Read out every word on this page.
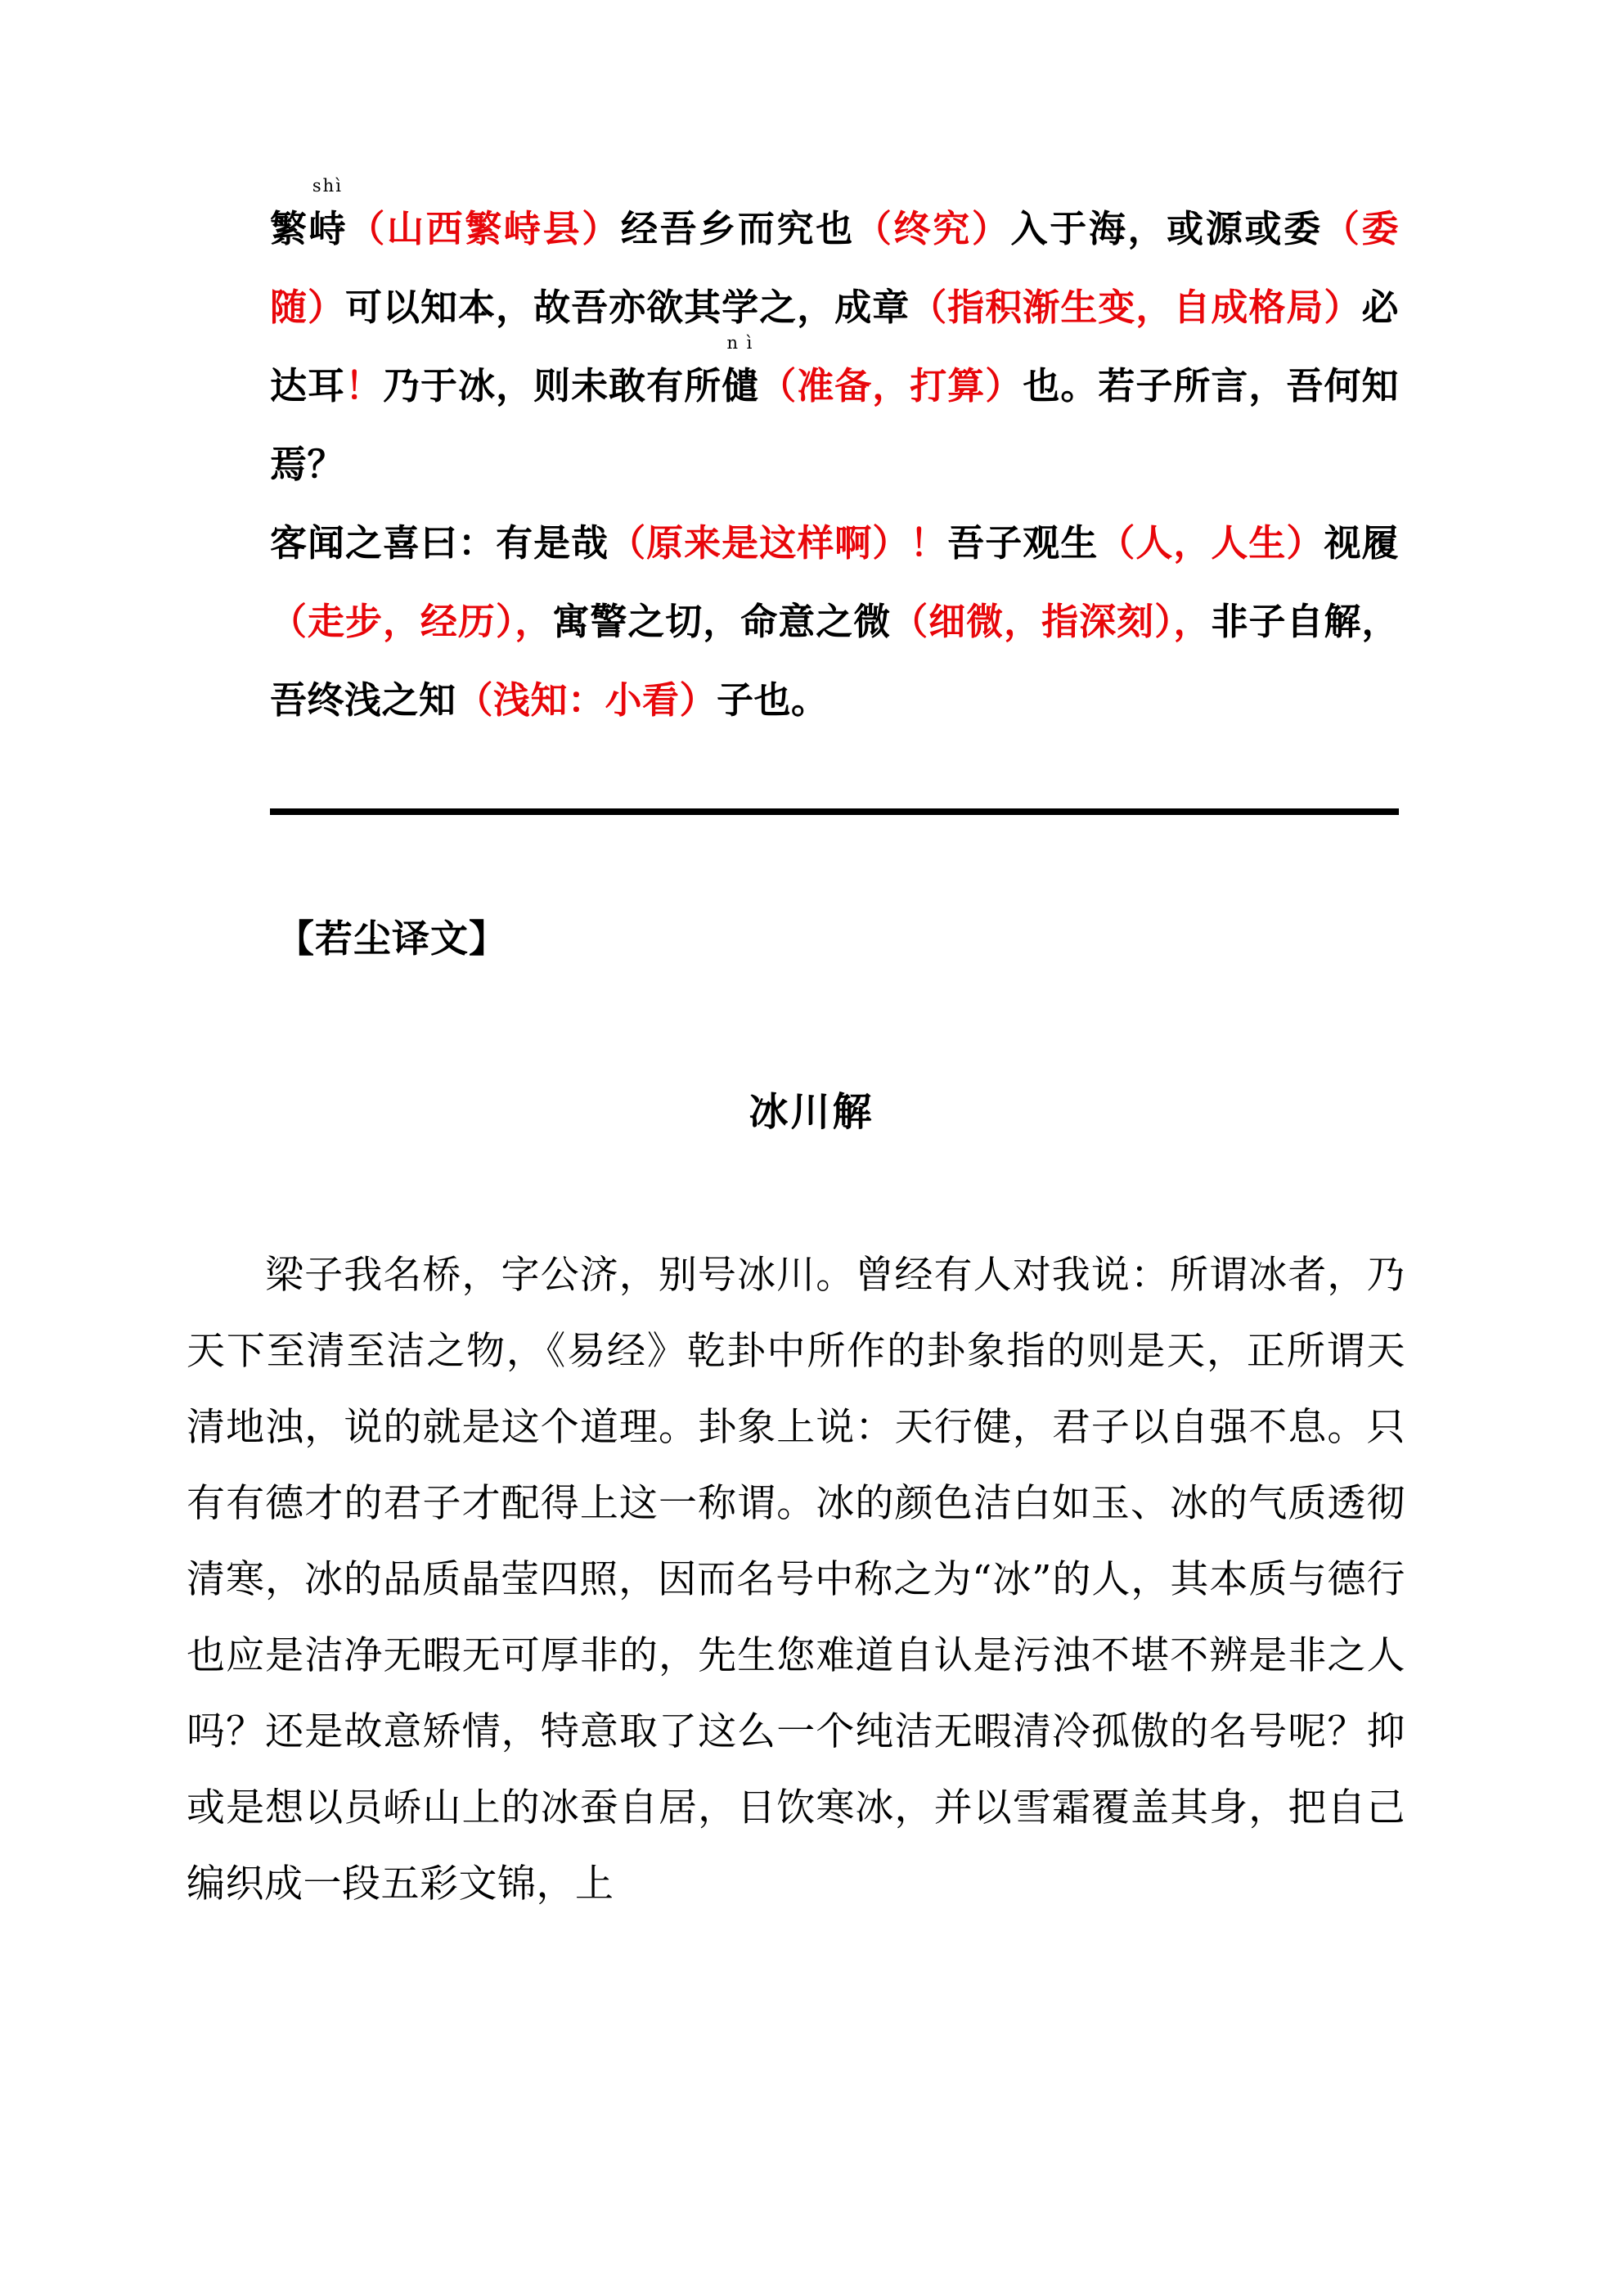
繁
shì
峙（山西繁峙县）经吾乡而究也（终究）入于海，或源或委（委随）可以知本，故吾亦欲其学之，成章（指积渐生变，自成格局）必达耳！乃于冰，则未敢有所
n ì
儙（准备，打算）也。若子所言，吾何知焉？

客闻之喜曰：有是哉（原来是这样啊）！吾子观生（人，人生）视履（走步，经历），寓警之切，命意之微（细微，指深刻），非子自解，吾终浅之知（浅知：小看）子也。

【若尘译文】

冰川解

梁子我名桥，字公济，别号冰川。曾经有人对我说：所谓冰者，乃天下至清至洁之物，《易经》乾卦中所作的卦象指的则是天，正所谓天清地浊，说的就是这个道理。卦象上说：天行健，君子以自强不息。只有有德才的君子才配得上这一称谓。冰的颜色洁白如玉、冰的气质透彻清寒，冰的品质晶莹四照，因而名号中称之为“冰”的人，其本质与德行也应是洁净无暇无可厚非的，先生您难道自认是污浊不堪不辨是非之人吗？还是故意矫情，特意取了这么一个纯洁无暇清冷孤傲的名号呢？抑或是想以员峤山上的冰蚕自居，日饮寒冰，并以雪霜覆盖其身，把自己编织成一段五彩文锦，上
